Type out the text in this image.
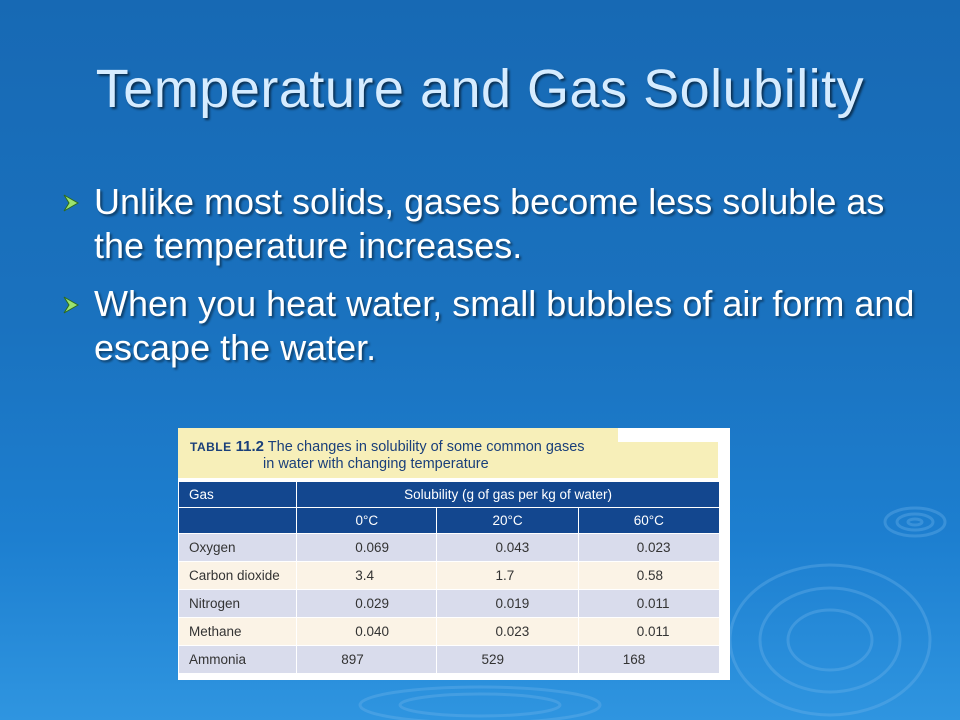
Temperature and Gas Solubility
Unlike most solids, gases become less soluble as the temperature increases.
When you heat water, small bubbles of air form and escape the water.
TABLE 11.2 The changes in solubility of some common gases
in water with changing temperature
Gas	Solubility (g of gas per kg of water)		
	0°C	20°C	60°C
Oxygen	0.069	0.043	0.023
Carbon dioxide	3.4	1.7	0.58
Nitrogen	0.029	0.019	0.011
Methane	0.040	0.023	0.011
Ammonia	897	529	168
